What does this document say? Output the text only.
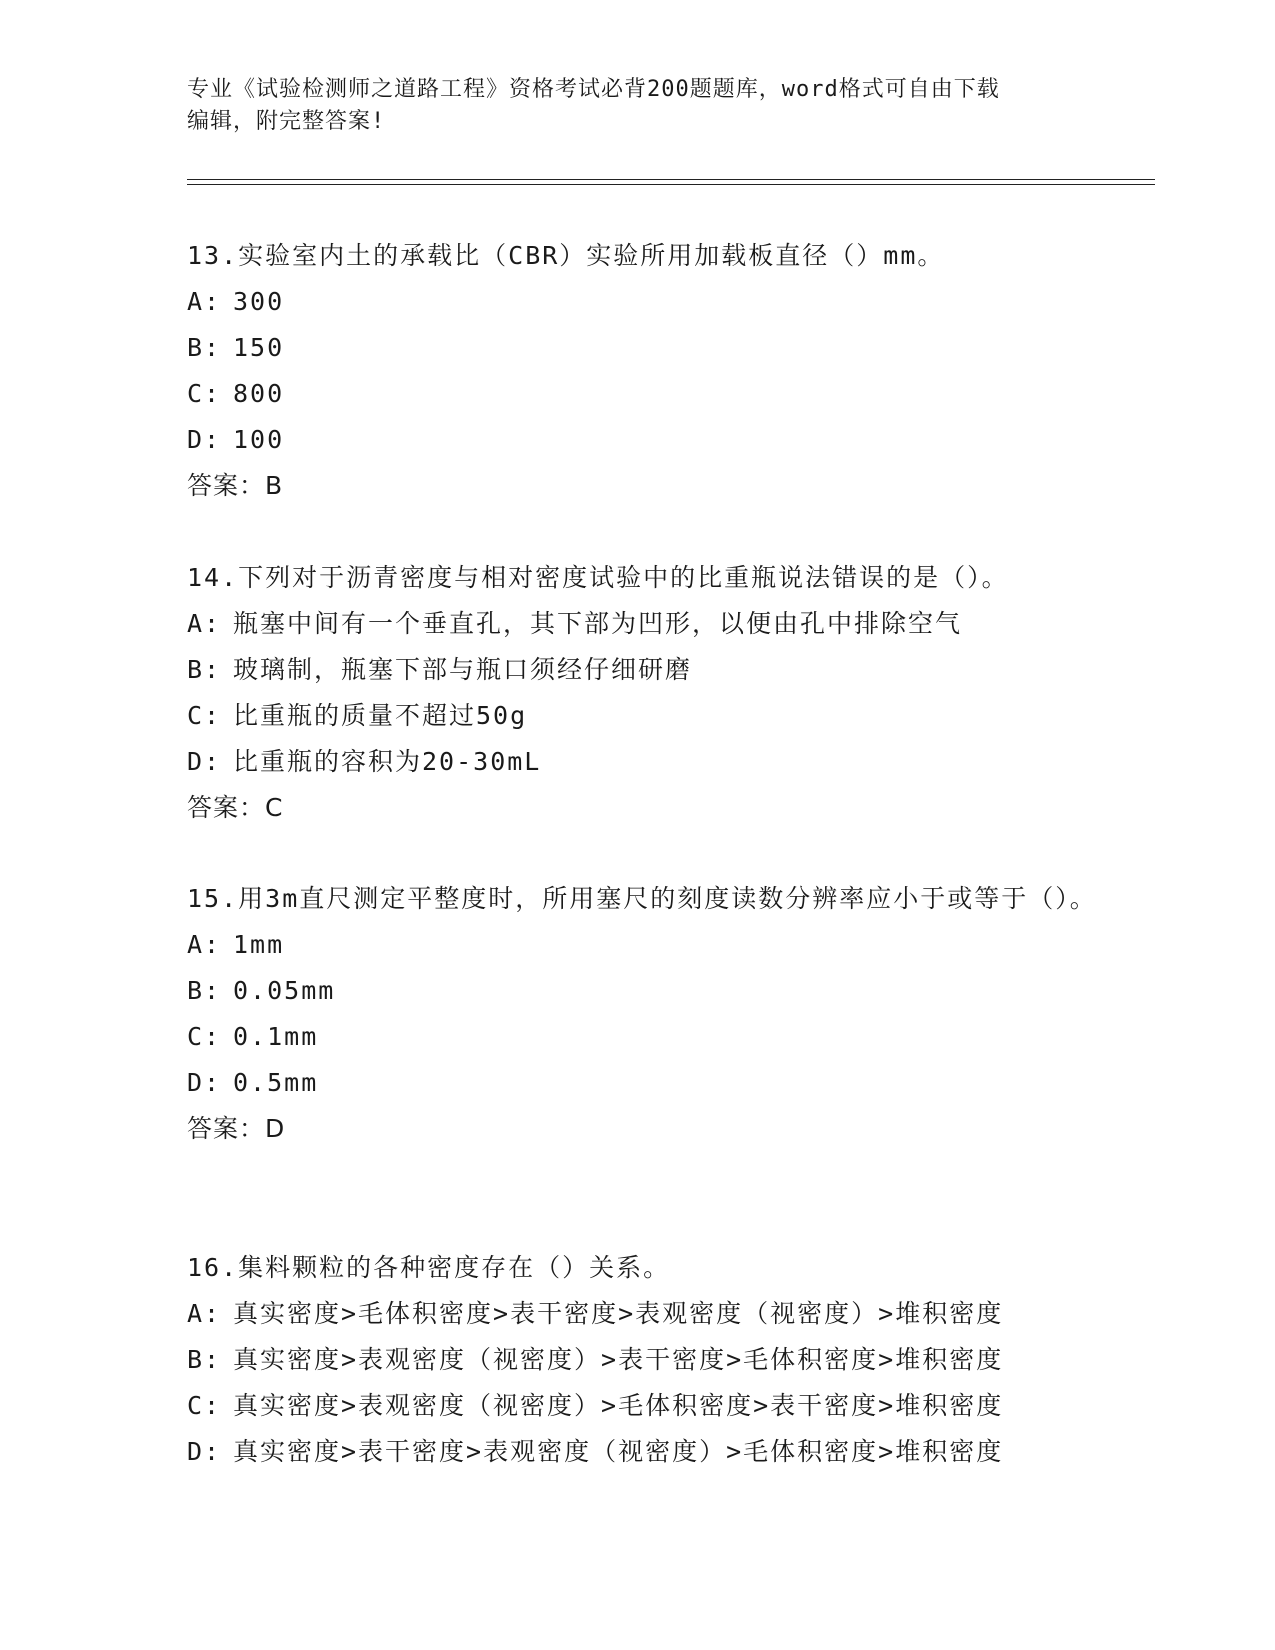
专业《试验检测师之道路工程》资格考试必背200题题库，word格式可自由下载
编辑，附完整答案!

13.实验室内土的承载比（CBR）实验所用加载板直径（）mm。

A: 300

B: 150

C: 800

D: 100

答案：B

14.下列对于沥青密度与相对密度试验中的比重瓶说法错误的是（）。

A: 瓶塞中间有一个垂直孔，其下部为凹形，以便由孔中排除空气

B: 玻璃制，瓶塞下部与瓶口须经仔细研磨

C: 比重瓶的质量不超过50g

D: 比重瓶的容积为20-30mL

答案：C

15.用3m直尺测定平整度时，所用塞尺的刻度读数分辨率应小于或等于（）。

A: 1mm

B: 0.05mm

C: 0.1mm

D: 0.5mm

答案：D

16.集料颗粒的各种密度存在（）关系。

A: 真实密度>毛体积密度>表干密度>表观密度（视密度）>堆积密度

B: 真实密度>表观密度（视密度）>表干密度>毛体积密度>堆积密度

C: 真实密度>表观密度（视密度）>毛体积密度>表干密度>堆积密度

D: 真实密度>表干密度>表观密度（视密度）>毛体积密度>堆积密度
